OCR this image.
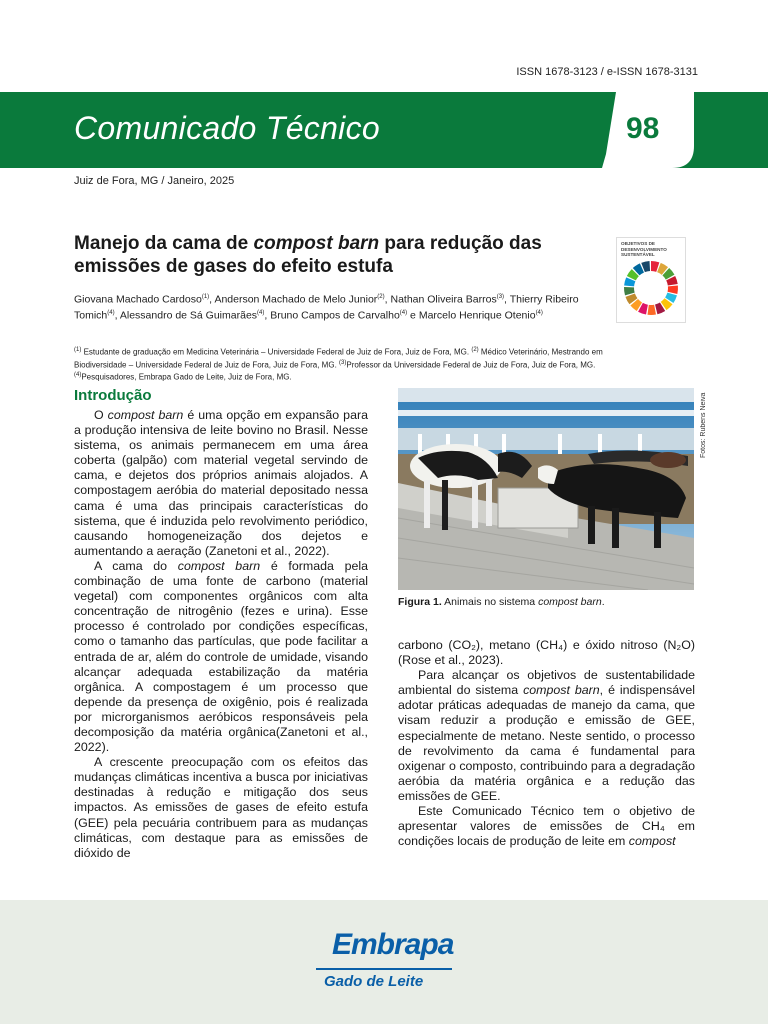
ISSN 1678-3123 / e-ISSN 1678-3131
Comunicado Técnico	98
Juiz de Fora, MG / Janeiro, 2025
Manejo da cama de compost barn para redução das emissões de gases do efeito estufa
Giovana Machado Cardoso$^{(1)}$, Anderson Machado de Melo Junior$^{(2)}$, Nathan Oliveira Barros$^{(3)}$, Thierry Ribeiro Tomich$^{(4)}$, Alessandro de Sá Guimarães$^{(4)}$, Bruno Campos de Carvalho$^{(4)}$ e Marcelo Henrique Otenio$^{(4)}$
$^{(1)}$ Estudante de graduação em Medicina Veterinária – Universidade Federal de Juiz de Fora, Juiz de Fora, MG. $^{(2)}$ Médico Veterinário, Mestrando em Biodiversidade – Universidade Federal de Juiz de Fora, Juiz de Fora, MG. $^{(3)}$Professor da Universidade Federal de Juiz de Fora, Juiz de Fora, MG. $^{(4)}$Pesquisadores, Embrapa Gado de Leite, Juiz de Fora, MG.
OBJETIVOS DE
DESENVOLVIMENTO
SUSTENTÁVEL
Introdução

O compost barn é uma opção em expansão para a produção intensiva de leite bovino no Brasil. Nesse sistema, os animais permanecem em uma área coberta (galpão) com material vegetal servindo de cama, e dejetos dos próprios animais alojados. A compostagem aeróbia do material depositado nessa cama é uma das principais características do sistema, que é induzida pelo revolvimento periódico, causando homogeneização dos dejetos e aumentando a aeração (Zanetoni et al., 2022).

A cama do compost barn é formada pela combinação de uma fonte de carbono (material vegetal) com componentes orgânicos com alta concentração de nitrogênio (fezes e urina). Esse processo é controlado por condições específicas, como o tamanho das partículas, que pode facilitar a entrada de ar, além do controle de umidade, visando alcançar adequada estabilização da matéria orgânica. A compostagem é um processo que depende da presença de oxigênio, pois é realizada por microrganismos aeróbicos responsáveis pela decomposição da matéria orgânica(Zanetoni et al., 2022).

A crescente preocupação com os efeitos das mudanças climáticas incentiva a busca por iniciativas destinadas à redução e mitigação dos seus impactos. As emissões de gases de efeito estufa (GEE) pela pecuária contribuem para as mudanças climáticas, com destaque para as emissões de dióxido de

Fotos: Rubens Neiva
Figura 1. Animais no sistema compost barn.

carbono (CO₂), metano (CH₄) e óxido nitroso (N₂O) (Rose et al., 2023).

Para alcançar os objetivos de sustentabilidade ambiental do sistema compost barn, é indispensável adotar práticas adequadas de manejo da cama, que visam reduzir a produção e emissão de GEE, especialmente de metano. Neste sentido, o processo de revolvimento da cama é fundamental para oxigenar o composto, contribuindo para a degradação aeróbia da matéria orgânica e a redução das emissões de GEE.

Este Comunicado Técnico tem o objetivo de apresentar valores de emissões de CH₄ em condições locais de produção de leite em compost

Embrapa
Gado de Leite
